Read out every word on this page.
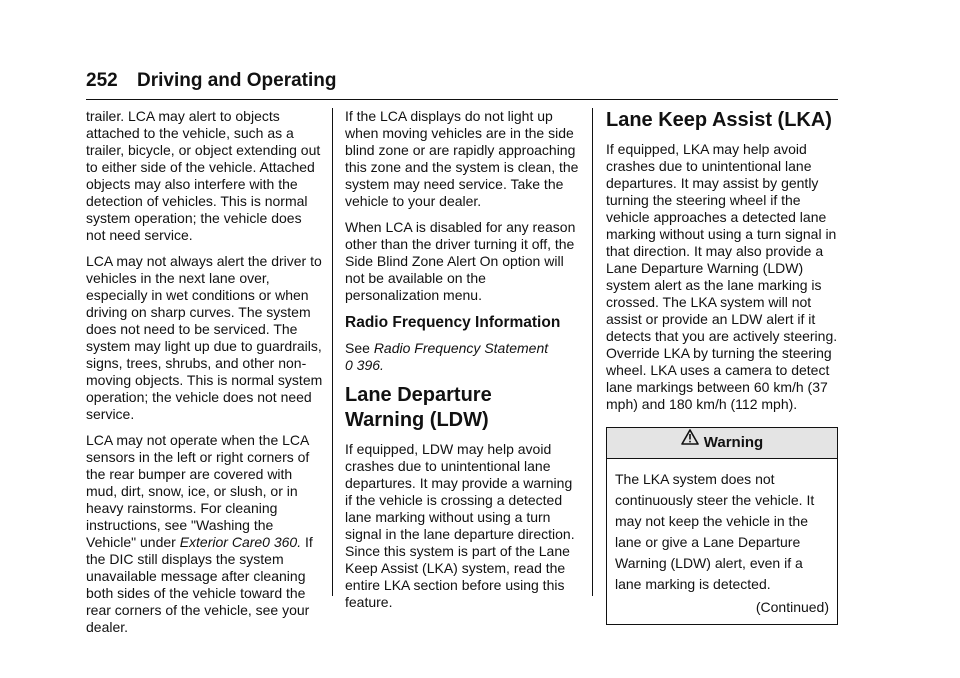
252 Driving and Operating

trailer. LCA may alert to objects attached to the vehicle, such as a trailer, bicycle, or object extending out to either side of the vehicle. Attached objects may also interfere with the detection of vehicles. This is normal system operation; the vehicle does not need service.

LCA may not always alert the driver to vehicles in the next lane over, especially in wet conditions or when driving on sharp curves. The system does not need to be serviced. The system may light up due to guardrails, signs, trees, shrubs, and other non-moving objects. This is normal system operation; the vehicle does not need service.

LCA may not operate when the LCA sensors in the left or right corners of the rear bumper are covered with mud, dirt, snow, ice, or slush, or in heavy rainstorms. For cleaning instructions, see "Washing the Vehicle" under Exterior Care0 360. If the DIC still displays the system unavailable message after cleaning both sides of the vehicle toward the rear corners of the vehicle, see your dealer.

If the LCA displays do not light up when moving vehicles are in the side blind zone or are rapidly approaching this zone and the system is clean, the system may need service. Take the vehicle to your dealer.

When LCA is disabled for any reason other than the driver turning it off, the Side Blind Zone Alert On option will not be available on the personalization menu.

Radio Frequency Information

See Radio Frequency Statement
0 396.

Lane Departure
Warning (LDW)

If equipped, LDW may help avoid crashes due to unintentional lane departures. It may provide a warning if the vehicle is crossing a detected lane marking without using a turn signal in the lane departure direction. Since this system is part of the Lane Keep Assist (LKA) system, read the entire LKA section before using this feature.

Lane Keep Assist (LKA)

If equipped, LKA may help avoid crashes due to unintentional lane departures. It may assist by gently turning the steering wheel if the vehicle approaches a detected lane marking without using a turn signal in that direction. It may also provide a Lane Departure Warning (LDW) system alert as the lane marking is crossed. The LKA system will not assist or provide an LDW alert if it detects that you are actively steering. Override LKA by turning the steering wheel. LKA uses a camera to detect lane markings between 60 km/h (37 mph) and 180 km/h (112 mph).

Warning

The LKA system does not continuously steer the vehicle. It may not keep the vehicle in the lane or give a Lane Departure Warning (LDW) alert, even if a lane marking is detected.

(Continued)
